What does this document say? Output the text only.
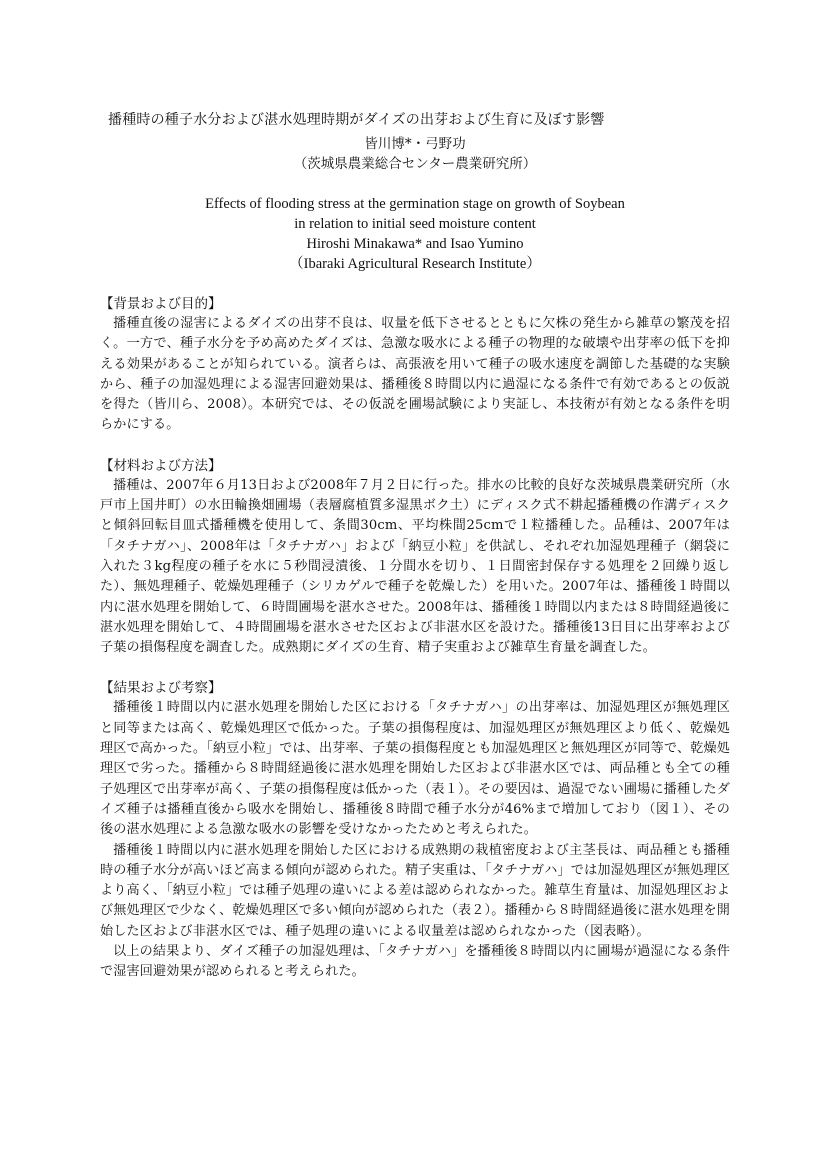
播種時の種子水分および湛水処理時期がダイズの出芽および生育に及ぼす影響
皆川博*・弓野功
（茨城県農業総合センター農業研究所）
Effects of flooding stress at the germination stage on growth of Soybean
in relation to initial seed moisture content
Hiroshi Minakawa* and Isao Yumino
（Ibaraki Agricultural Research Institute）
【背景および目的】

播種直後の湿害によるダイズの出芽不良は、収量を低下させるとともに欠株の発生から雑草の繁茂を招く。一方で、種子水分を予め高めたダイズは、急激な吸水による種子の物理的な破壊や出芽率の低下を抑える効果があることが知られている。演者らは、高張液を用いて種子の吸水速度を調節した基礎的な実験から、種子の加湿処理による湿害回避効果は、播種後８時間以内に過湿になる条件で有効であるとの仮説を得た（皆川ら、2008）。本研究では、その仮説を圃場試験により実証し、本技術が有効となる条件を明らかにする。

【材料および方法】

播種は、2007年６月13日および2008年７月２日に行った。排水の比較的良好な茨城県農業研究所（水戸市上国井町）の水田輪換畑圃場（表層腐植質多湿黒ボク土）にディスク式不耕起播種機の作溝ディスクと傾斜回転目皿式播種機を使用して、条間30cm、平均株間25cmで１粒播種した。品種は、2007年は「タチナガハ」、2008年は「タチナガハ」および「納豆小粒」を供試し、それぞれ加湿処理種子（網袋に入れた３kg程度の種子を水に５秒間浸漬後、１分間水を切り、１日間密封保存する処理を２回繰り返した）、無処理種子、乾燥処理種子（シリカゲルで種子を乾燥した）を用いた。2007年は、播種後１時間以内に湛水処理を開始して、６時間圃場を湛水させた。2008年は、播種後１時間以内または８時間経過後に湛水処理を開始して、４時間圃場を湛水させた区および非湛水区を設けた。播種後13日目に出芽率および子葉の損傷程度を調査した。成熟期にダイズの生育、精子実重および雑草生育量を調査した。

【結果および考察】

播種後１時間以内に湛水処理を開始した区における「タチナガハ」の出芽率は、加湿処理区が無処理区と同等または高く、乾燥処理区で低かった。子葉の損傷程度は、加湿処理区が無処理区より低く、乾燥処理区で高かった。「納豆小粒」では、出芽率、子葉の損傷程度とも加湿処理区と無処理区が同等で、乾燥処理区で劣った。播種から８時間経過後に湛水処理を開始した区および非湛水区では、両品種とも全ての種子処理区で出芽率が高く、子葉の損傷程度は低かった（表１）。その要因は、過湿でない圃場に播種したダイズ種子は播種直後から吸水を開始し、播種後８時間で種子水分が46%まで増加しており（図１）、その後の湛水処理による急激な吸水の影響を受けなかったためと考えられた。

播種後１時間以内に湛水処理を開始した区における成熟期の栽植密度および主茎長は、両品種とも播種時の種子水分が高いほど高まる傾向が認められた。精子実重は、「タチナガハ」では加湿処理区が無処理区より高く、「納豆小粒」では種子処理の違いによる差は認められなかった。雑草生育量は、加湿処理区および無処理区で少なく、乾燥処理区で多い傾向が認められた（表２）。播種から８時間経過後に湛水処理を開始した区および非湛水区では、種子処理の違いによる収量差は認められなかった（図表略）。

以上の結果より、ダイズ種子の加湿処理は、「タチナガハ」を播種後８時間以内に圃場が過湿になる条件で湿害回避効果が認められると考えられた。
